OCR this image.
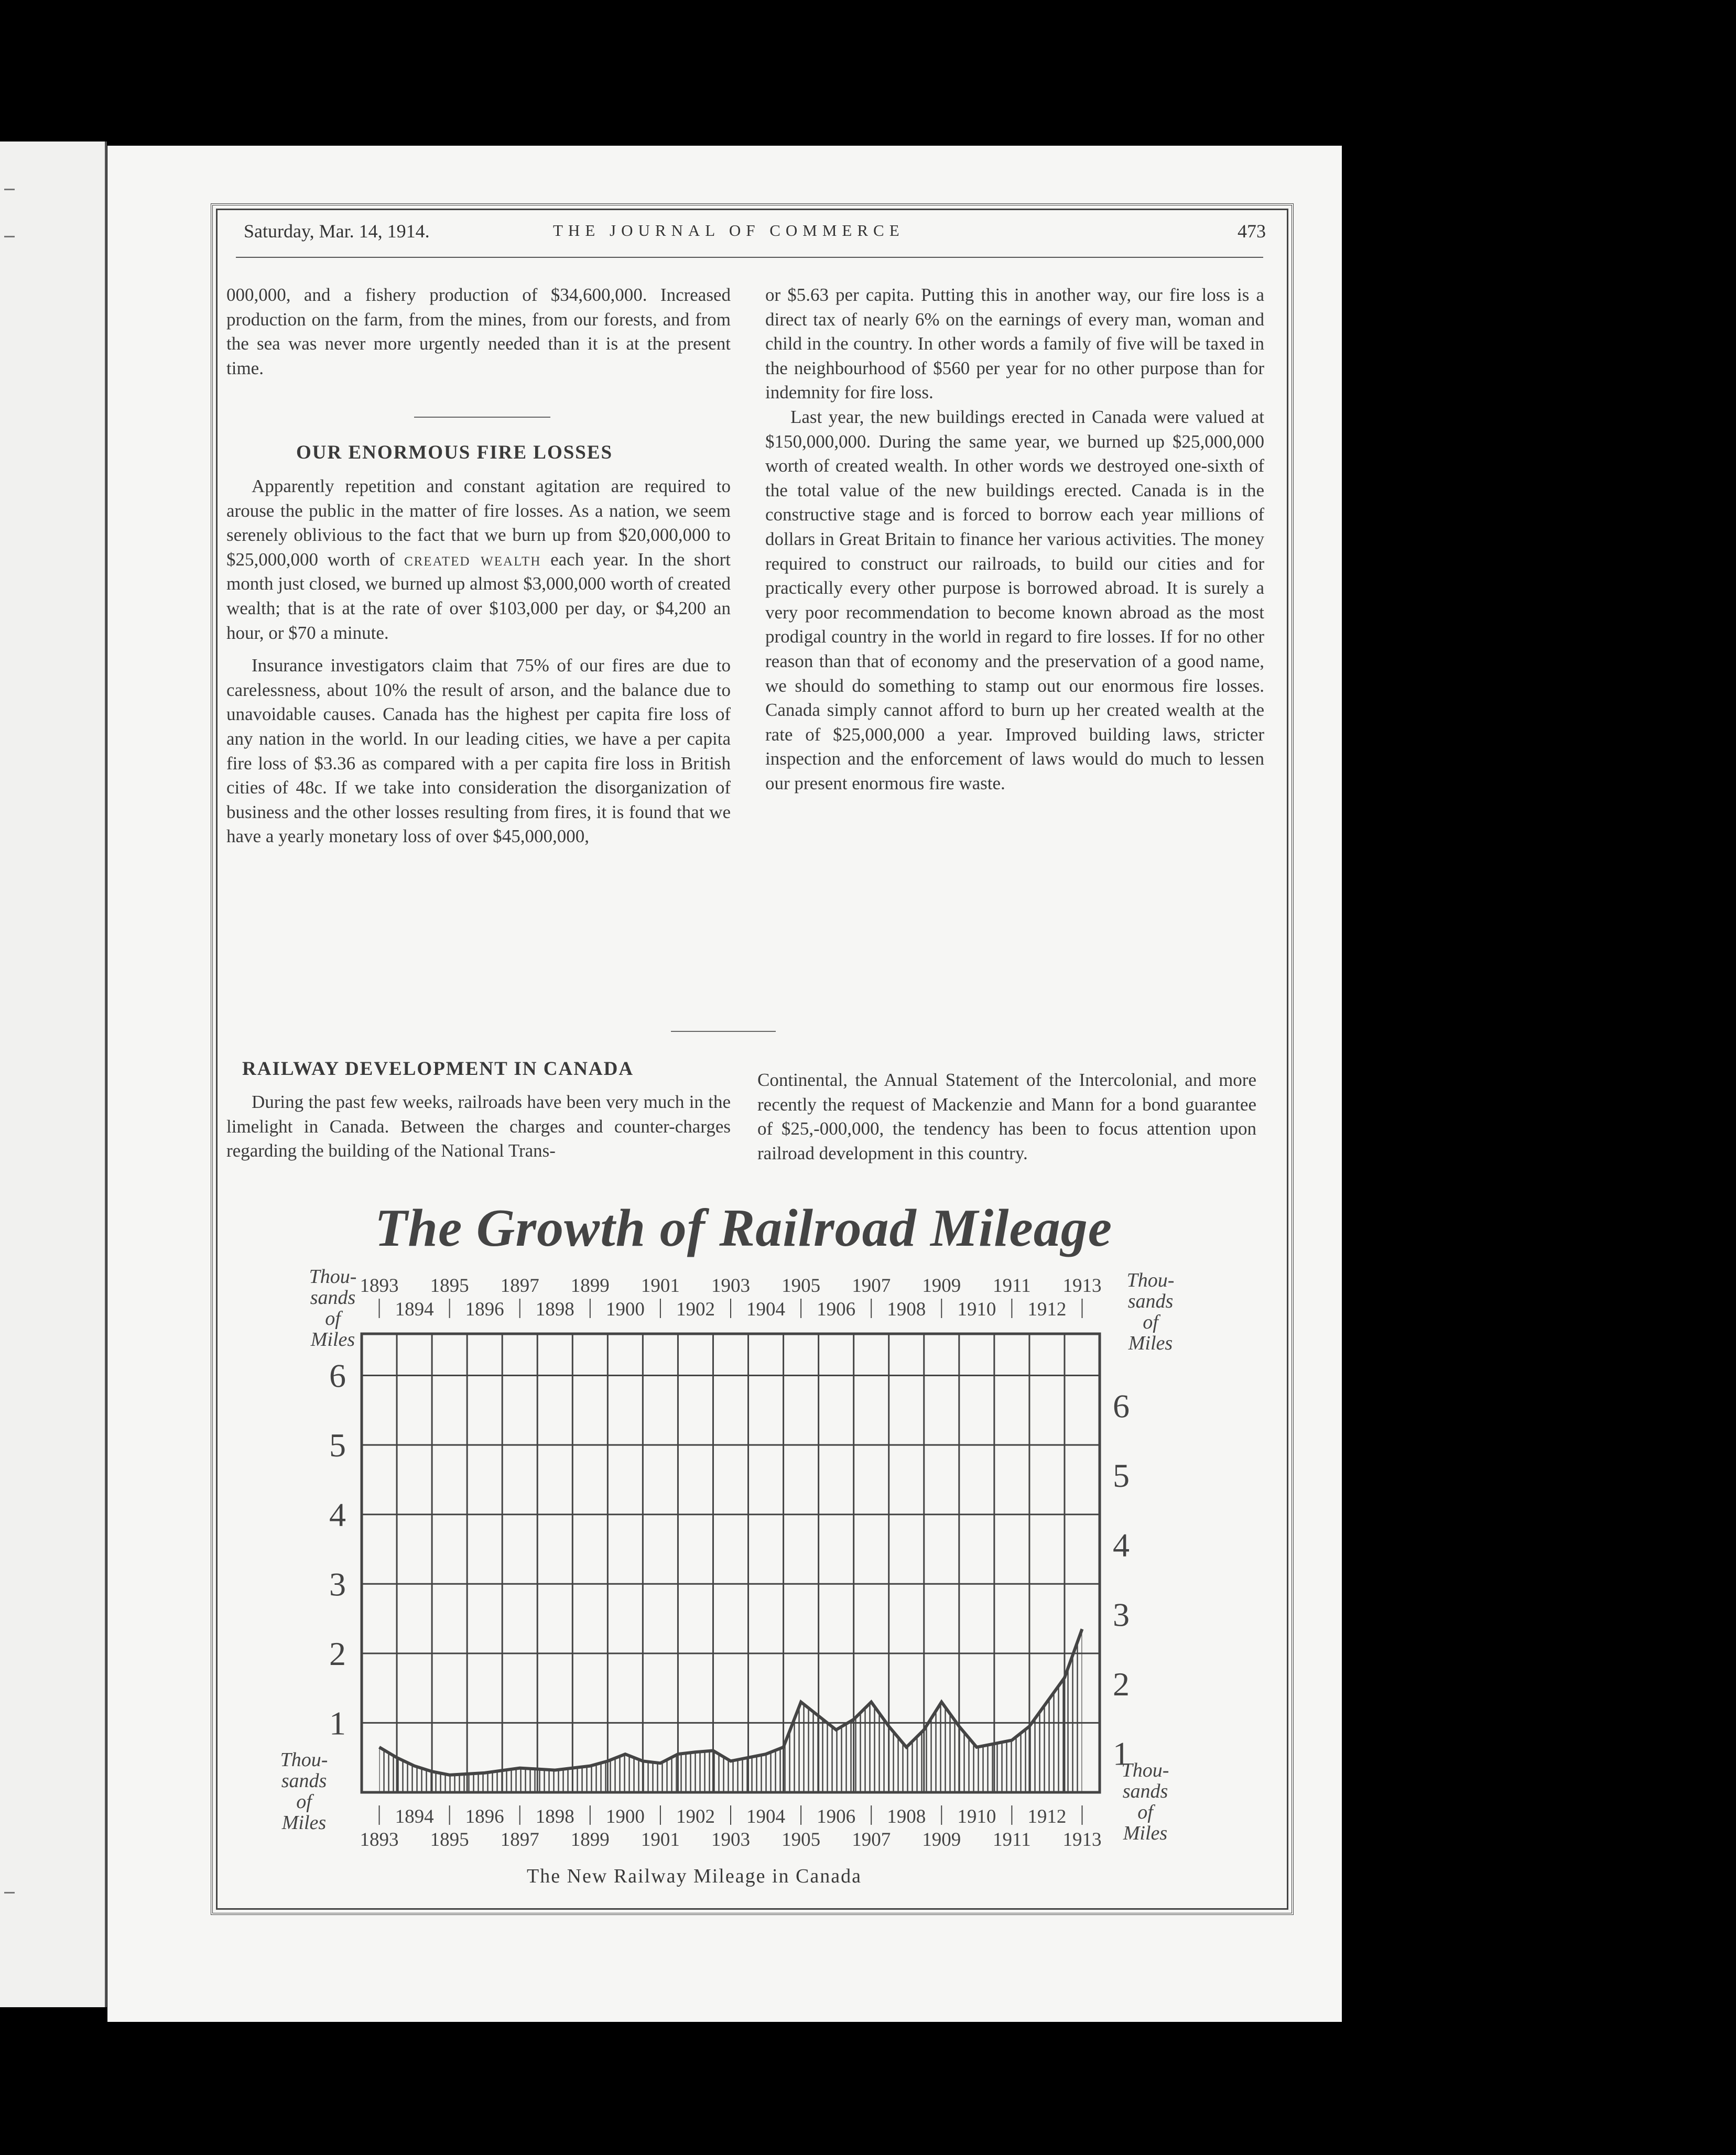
Saturday, Mar. 14, 1914.	THE JOURNAL OF COMMERCE	473

000,000, and a fishery production of $34,600,000. Increased production on the farm, from the mines, from our forests, and from the sea was never more urgently needed than it is at the present time.

OUR ENORMOUS FIRE LOSSES

Apparently repetition and constant agitation are required to arouse the public in the matter of fire losses. As a nation, we seem serenely oblivious to the fact that we burn up from $20,000,000 to $25,000,000 worth of created wealth each year. In the short month just closed, we burned up almost $3,000,000 worth of created wealth; that is at the rate of over $103,000 per day, or $4,200 an hour, or $70 a minute.

Insurance investigators claim that 75% of our fires are due to carelessness, about 10% the result of arson, and the balance due to unavoidable causes. Canada has the highest per capita fire loss of any nation in the world. In our leading cities, we have a per capita fire loss of $3.36 as compared with a per capita fire loss in British cities of 48c. If we take into consideration the disorganization of business and the other losses resulting from fires, it is found that we have a yearly monetary loss of over $45,000,000,

or $5.63 per capita. Putting this in another way, our fire loss is a direct tax of nearly 6% on the earnings of every man, woman and child in the country. In other words a family of five will be taxed in the neighbourhood of $560 per year for no other purpose than for indemnity for fire loss.

Last year, the new buildings erected in Canada were valued at $150,000,000. During the same year, we burned up $25,000,000 worth of created wealth. In other words we destroyed one-sixth of the total value of the new buildings erected. Canada is in the constructive stage and is forced to borrow each year millions of dollars in Great Britain to finance her various activities. The money required to construct our railroads, to build our cities and for practically every other purpose is borrowed abroad. It is surely a very poor recommendation to become known abroad as the most prodigal country in the world in regard to fire losses. If for no other reason than that of economy and the preservation of a good name, we should do something to stamp out our enormous fire losses. Canada simply cannot afford to burn up her created wealth at the rate of $25,000,000 a year. Improved building laws, stricter inspection and the enforcement of laws would do much to lessen our present enormous fire waste.

RAILWAY DEVELOPMENT IN CANADA

During the past few weeks, railroads have been very much in the limelight in Canada. Between the charges and counter-charges regarding the building of the National Trans-

Continental, the Annual Statement of the Intercolonial, and more recently the request of Mackenzie and Mann for a bond guarantee of $25,-000,000, the tendency has been to focus attention upon railroad development in this country.

The Growth of Railroad Mileage
1
1
2
2
3
3
4
4
5
5
6
6
Thou-
sands
of
Miles
Thou-
sands
of
Miles
Thou-
sands
of
Miles
Thou-
sands
of
Miles
1893
1893
1895
1895
1897
1897
1899
1899
1901
1901
1903
1903
1905
1905
1907
1907
1909
1909
1911
1911
1913
1913
1894
1894
1896
1896
1898
1898
1900
1900
1902
1902
1904
1904
1906
1906
1908
1908
1910
1910
1912
1912
The New Railway Mileage in Canada
